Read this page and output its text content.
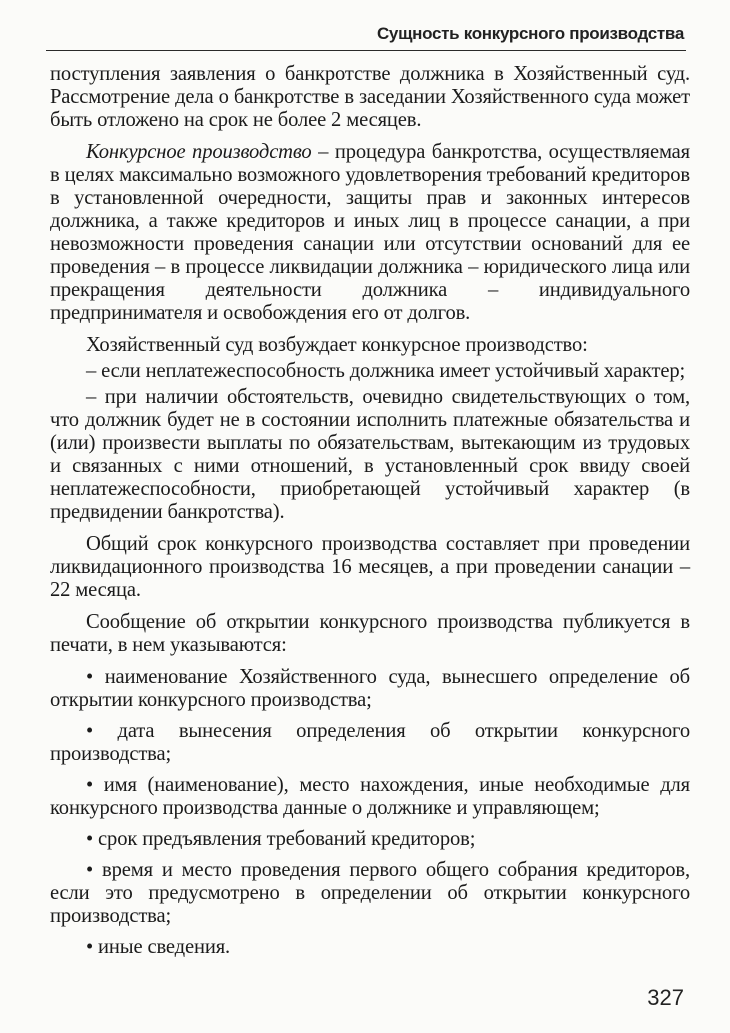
Сущность конкурсного производства

поступления заявления о банкротстве должника в Хозяйственный суд. Рассмотрение дела о банкротстве в заседании Хозяйственного суда может быть отложено на срок не более 2 месяцев.

Конкурсное производство – процедура банкротства, осуществляемая в целях максимально возможного удовлетворения требований кредиторов в установленной очередности, защиты прав и законных интересов должника, а также кредиторов и иных лиц в процессе санации, а при невозможности проведения санации или отсутствии оснований для ее проведения – в процессе ликвидации должника – юридического лица или прекращения деятельности должника – индивидуального предпринимателя и освобождения его от долгов.

Хозяйственный суд возбуждает конкурсное производство:

– если неплатежеспособность должника имеет устойчивый характер;

– при наличии обстоятельств, очевидно свидетельствующих о том, что должник будет не в состоянии исполнить платежные обязательства и (или) произвести выплаты по обязательствам, вытекающим из трудовых и связанных с ними отношений, в установленный срок ввиду своей неплатежеспособности, приобретающей устойчивый характер (в предвидении банкротства).

Общий срок конкурсного производства составляет при проведении ликвидационного производства 16 месяцев, а при проведении санации – 22 месяца.

Сообщение об открытии конкурсного производства публикуется в печати, в нем указываются:

• наименование Хозяйственного суда, вынесшего определение об открытии конкурсного производства;

• дата вынесения определения об открытии конкурсного производства;

• имя (наименование), место нахождения, иные необходимые для конкурсного производства данные о должнике и управляющем;

• срок предъявления требований кредиторов;

• время и место проведения первого общего собрания кредиторов, если это предусмотрено в определении об открытии конкурсного производства;

• иные сведения.

327
